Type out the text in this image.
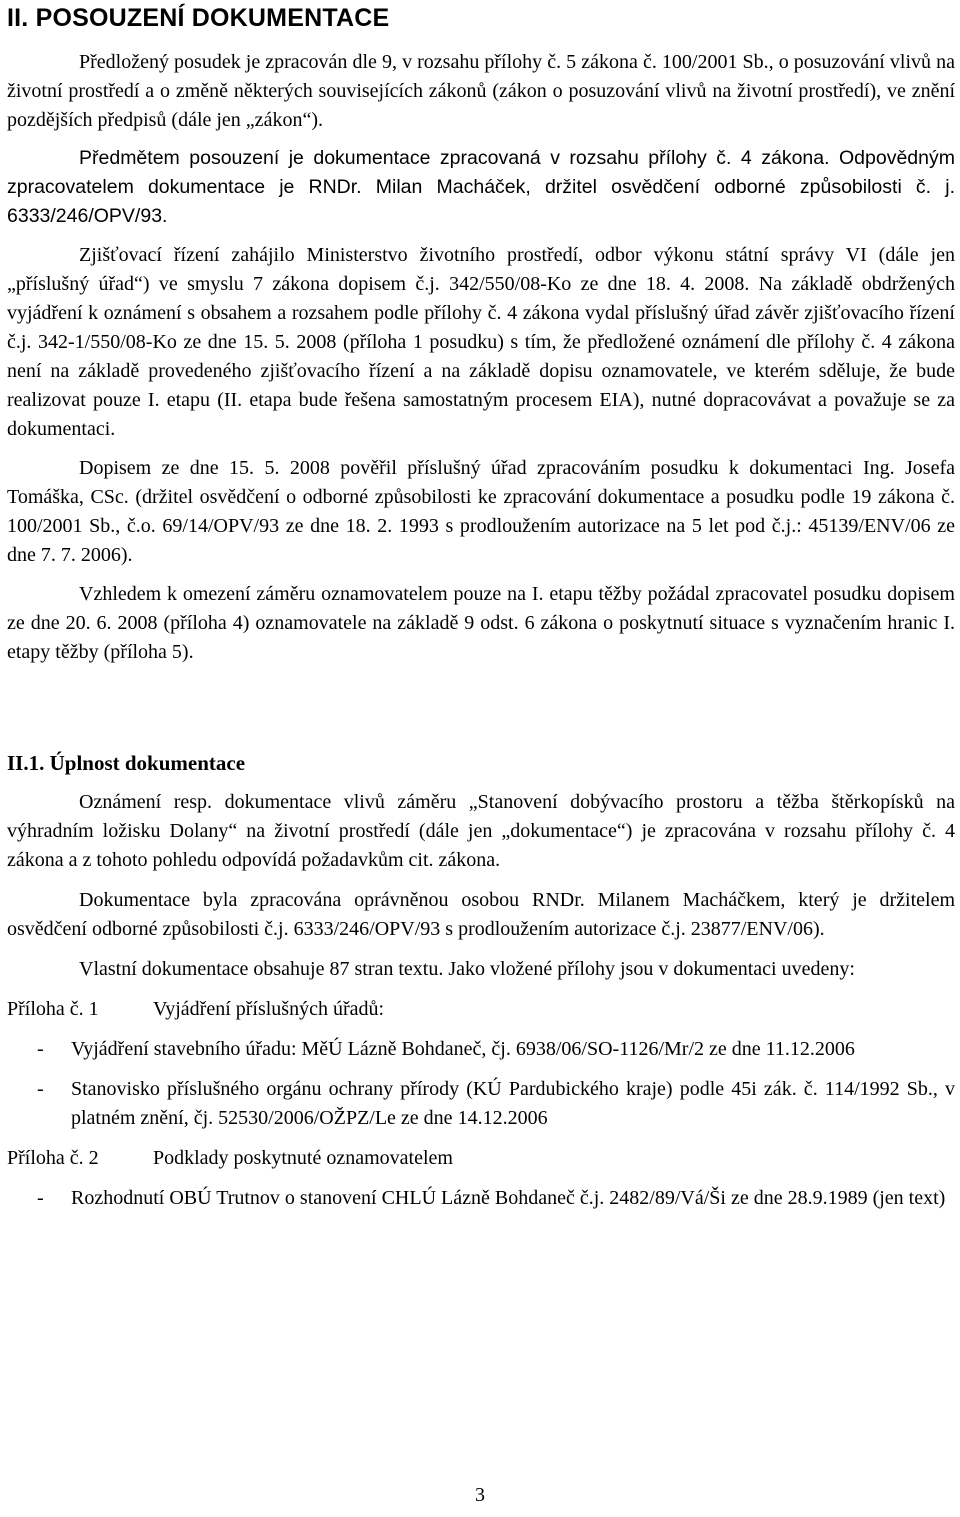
II. POSOUZENÍ DOKUMENTACE

Předložený posudek je zpracován dle 9, v rozsahu přílohy č. 5 zákona č. 100/2001 Sb., o posuzování vlivů na životní prostředí a o změně některých souvisejících zákonů (zákon o posuzování vlivů na životní prostředí), ve znění pozdějších předpisů (dále jen „zákon“).

Předmětem posouzení je dokumentace zpracovaná v rozsahu přílohy č. 4 zákona. Odpovědným zpracovatelem dokumentace je RNDr. Milan Macháček, držitel osvědčení odborné způsobilosti č. j. 6333/246/OPV/93.

Zjišťovací řízení zahájilo Ministerstvo životního prostředí, odbor výkonu státní správy VI (dále jen „příslušný úřad“) ve smyslu 7 zákona dopisem č.j. 342/550/08-Ko ze dne 18. 4. 2008. Na základě obdržených vyjádření k oznámení s obsahem a rozsahem podle přílohy č. 4 zákona vydal příslušný úřad závěr zjišťovacího řízení č.j. 342-1/550/08-Ko ze dne 15. 5. 2008 (příloha 1 posudku) s tím, že předložené oznámení dle přílohy č. 4 zákona není na základě provedeného zjišťovacího řízení a na základě dopisu oznamovatele, ve kterém sděluje, že bude realizovat pouze I. etapu (II. etapa bude řešena samostatným procesem EIA), nutné dopracovávat a považuje se za dokumentaci.

Dopisem ze dne 15. 5. 2008 pověřil příslušný úřad zpracováním posudku k dokumentaci Ing. Josefa Tomáška, CSc. (držitel osvědčení o odborné způsobilosti ke zpracování dokumentace a posudku podle 19 zákona č. 100/2001 Sb., č.o. 69/14/OPV/93 ze dne 18. 2. 1993 s prodloužením autorizace na 5 let pod č.j.: 45139/ENV/06 ze dne 7. 7. 2006).

Vzhledem k omezení záměru oznamovatelem pouze na I. etapu těžby požádal zpracovatel posudku dopisem ze dne 20. 6. 2008 (příloha 4) oznamovatele na základě 9 odst. 6 zákona o poskytnutí situace s vyznačením hranic I. etapy těžby (příloha 5).

II.1. Úplnost dokumentace

Oznámení resp. dokumentace vlivů záměru „Stanovení dobývacího prostoru a těžba štěrkopísků na výhradním ložisku Dolany“ na životní prostředí (dále jen „dokumentace“) je zpracována v rozsahu přílohy č. 4 zákona a z tohoto pohledu odpovídá požadavkům cit. zákona.

Dokumentace byla zpracována oprávněnou osobou RNDr. Milanem Macháčkem, který je držitelem osvědčení odborné způsobilosti č.j. 6333/246/OPV/93 s prodloužením autorizace č.j. 23877/ENV/06).

Vlastní dokumentace obsahuje 87 stran textu. Jako vložené přílohy jsou v dokumentaci uvedeny:

Příloha č. 1	Vyjádření příslušných úřadů:
-	Vyjádření stavebního úřadu: MěÚ Lázně Bohdaneč, čj. 6938/06/SO-1126/Mr/2 ze dne 11.12.2006
-	Stanovisko příslušného orgánu ochrany přírody (KÚ Pardubického kraje) podle 45i zák. č. 114/1992 Sb., v platném znění, čj. 52530/2006/OŽPZ/Le ze dne 14.12.2006
Příloha č. 2	Podklady poskytnuté oznamovatelem
-	Rozhodnutí OBÚ Trutnov o stanovení CHLÚ Lázně Bohdaneč č.j. 2482/89/Vá/Ši ze dne 28.9.1989 (jen text)
3
